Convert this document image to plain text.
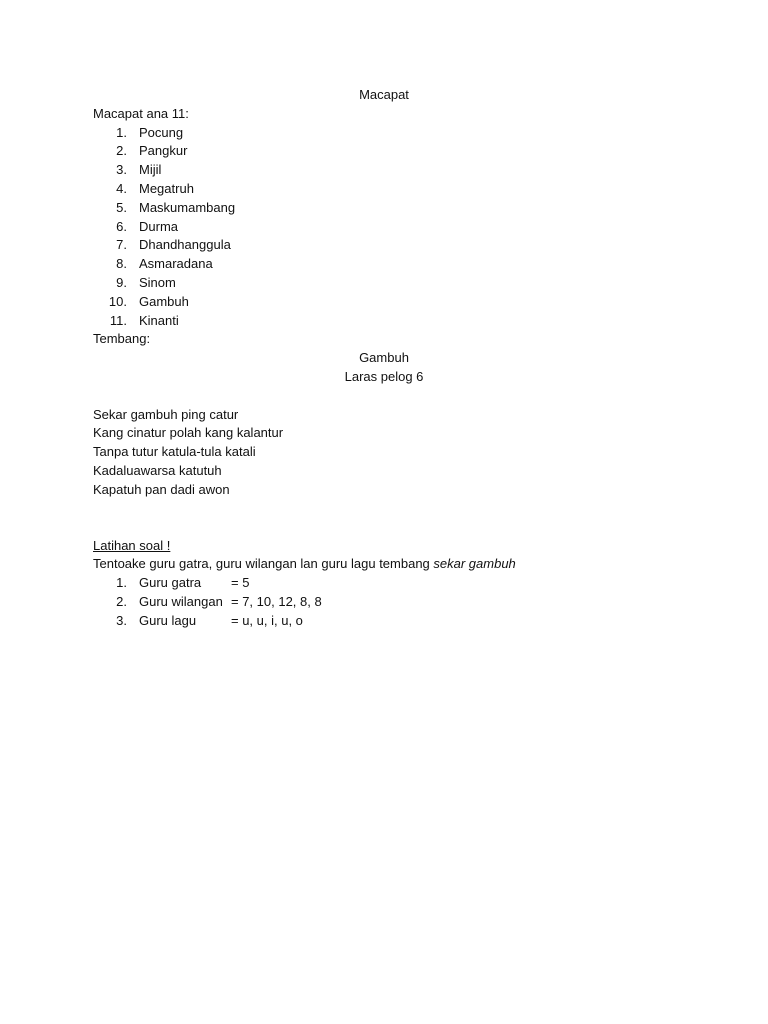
Macapat
Macapat ana 11:
1. Pocung
2. Pangkur
3. Mijil
4. Megatruh
5. Maskumambang
6. Durma
7. Dhandhanggula
8. Asmaradana
9. Sinom
10. Gambuh
11. Kinanti
Tembang:
Gambuh
Laras pelog 6
Sekar gambuh ping catur
Kang cinatur polah kang kalantur
Tanpa tutur katula-tula katali
Kadaluawarsa katutuh
Kapatuh pan dadi awon
Latihan soal !
Tentoake guru gatra, guru wilangan lan guru lagu tembang sekar gambuh
1. Guru gatra = 5
2. Guru wilangan = 7, 10, 12, 8, 8
3. Guru lagu	= u, u, i, u, o
